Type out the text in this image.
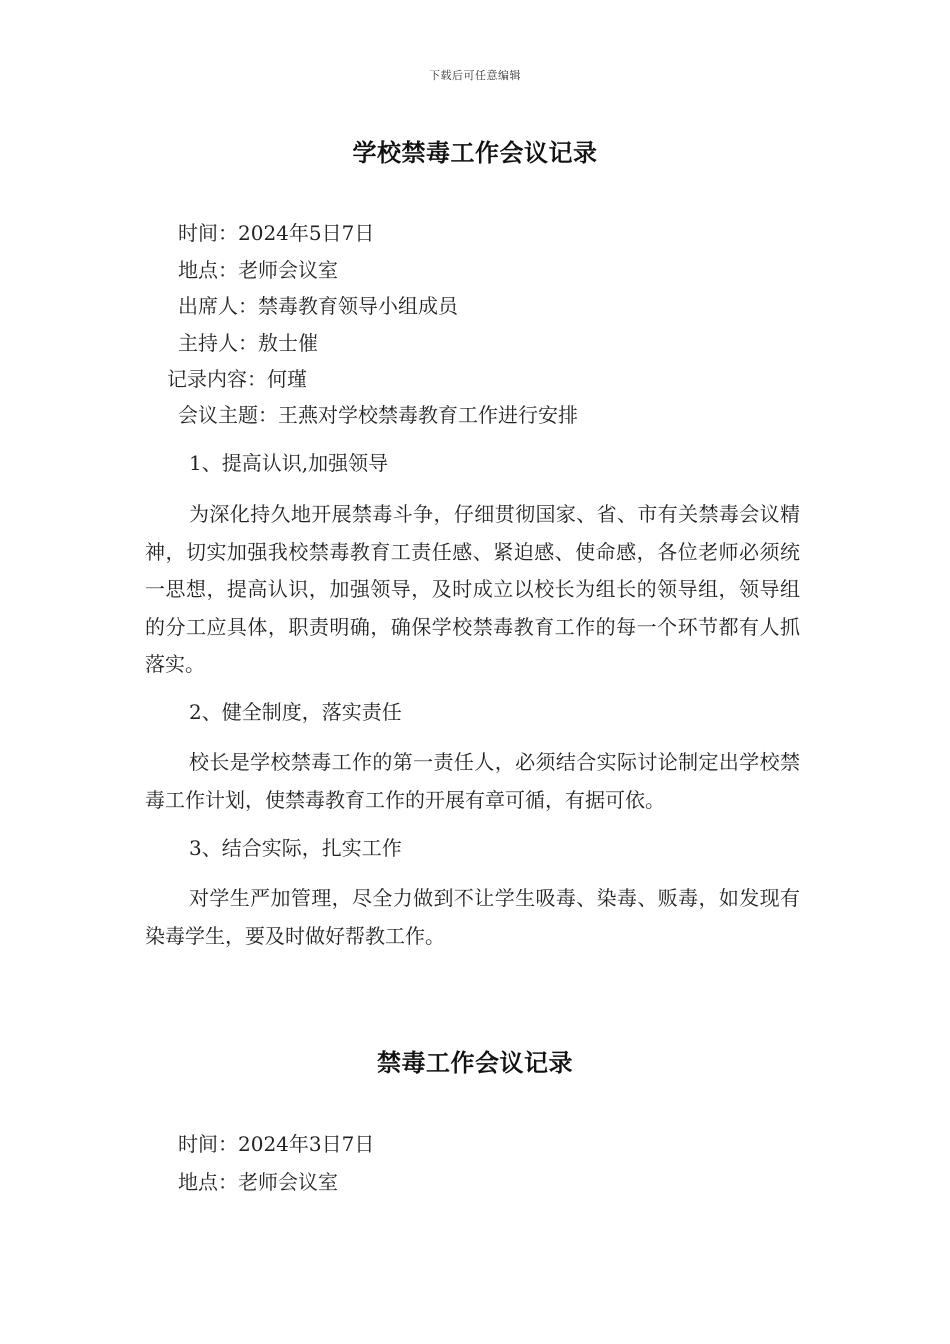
下载后可任意编辑
学校禁毒工作会议记录
时间：2024年5日7日
地点：老师会议室
出席人：禁毒教育领导小组成员
主持人：敖士催
记录内容：何瑾
会议主题：王燕对学校禁毒教育工作进行安排
1、提高认识,加强领导

为深化持久地开展禁毒斗争，仔细贯彻国家、省、市有关禁毒会议精神，切实加强我校禁毒教育工责任感、紧迫感、使命感，各位老师必须统一思想，提高认识，加强领导，及时成立以校长为组长的领导组，领导组的分工应具体，职责明确，确保学校禁毒教育工作的每一个环节都有人抓落实。

2、健全制度，落实责任

校长是学校禁毒工作的第一责任人，必须结合实际讨论制定出学校禁毒工作计划，使禁毒教育工作的开展有章可循，有据可依。

3、结合实际，扎实工作

对学生严加管理，尽全力做到不让学生吸毒、染毒、贩毒，如发现有染毒学生，要及时做好帮教工作。

禁毒工作会议记录
时间：2024年3日7日
地点：老师会议室
